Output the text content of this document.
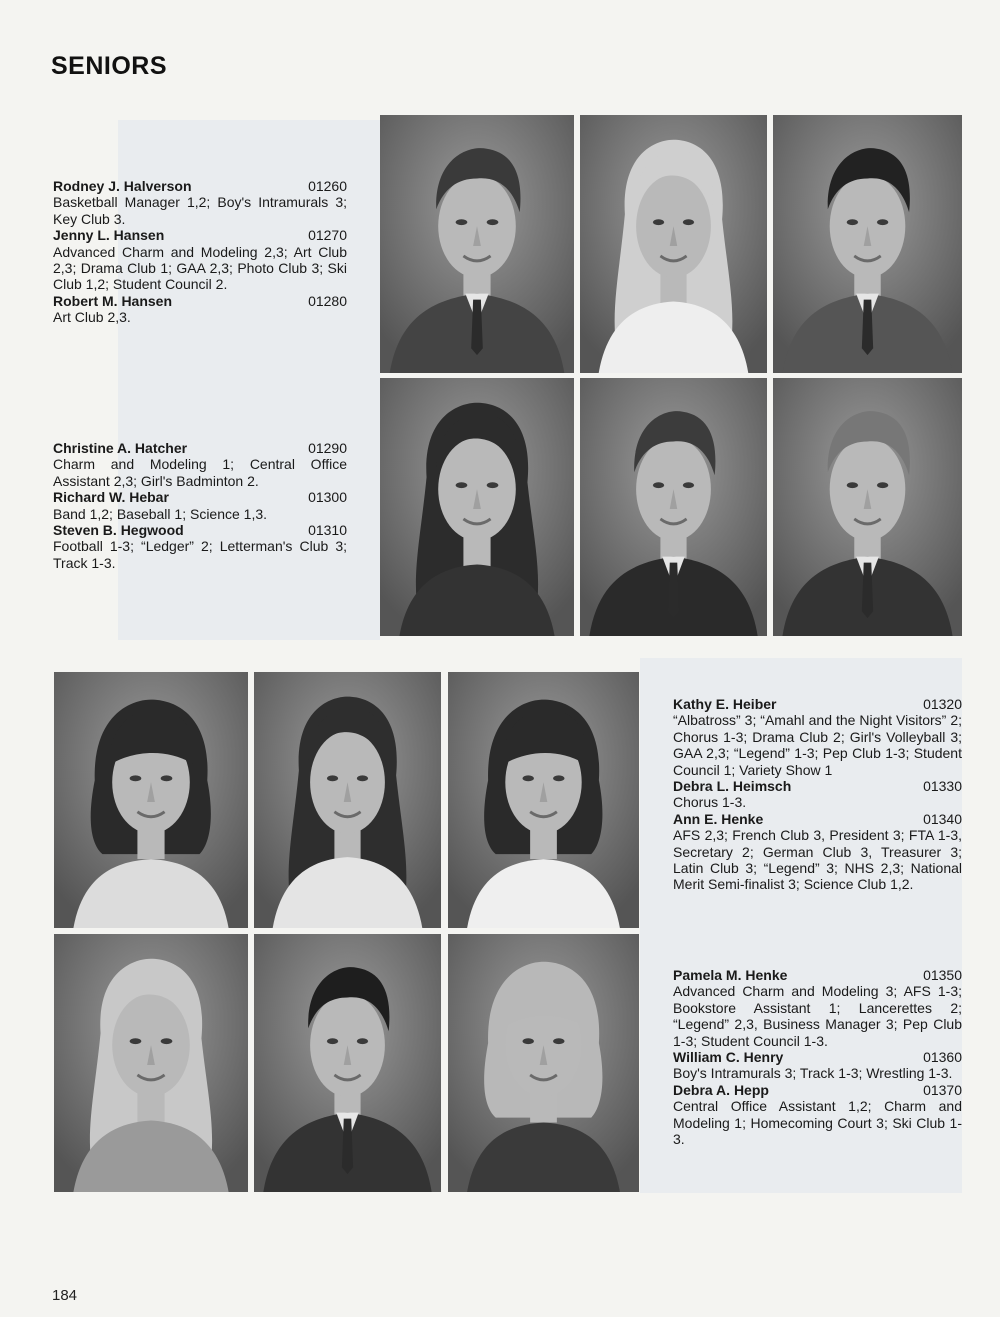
SENIORS
Rodney J. Halverson	01260
Basketball Manager 1,2; Boy's Intramurals 3; Key Club 3.
Jenny L. Hansen	01270
Advanced Charm and Modeling 2,3; Art Club 2,3; Drama Club 1; GAA 2,3; Photo Club 3; Ski Club 1,2; Student Council 2.
Robert M. Hansen	01280
Art Club 2,3.
Christine A. Hatcher	01290
Charm and Modeling 1; Central Office Assistant 2,3; Girl's Badminton 2.
Richard W. Hebar	01300
Band 1,2; Baseball 1; Science 1,3.
Steven B. Hegwood	01310
Football 1-3; “Ledger” 2; Letterman's Club 3; Track 1-3.
Kathy E. Heiber	01320
“Albatross” 3; “Amahl and the Night Visitors” 2; Chorus 1-3; Drama Club 2; Girl's Volleyball 3; GAA 2,3; “Legend” 1-3; Pep Club 1-3; Student Council 1; Variety Show 1
Debra L. Heimsch	01330
Chorus 1-3.
Ann E. Henke	01340
AFS 2,3; French Club 3, President 3; FTA 1-3, Secretary 2; German Club 3, Treasurer 3; Latin Club 3; “Legend” 3; NHS 2,3; National Merit Semi-finalist 3; Science Club 1,2.
Pamela M. Henke	01350
Advanced Charm and Modeling 3; AFS 1-3; Bookstore Assistant 1; Lancerettes 2; “Legend” 2,3, Business Manager 3; Pep Club 1-3; Student Council 1-3.
William C. Henry	01360
Boy's Intramurals 3; Track 1-3; Wrestling 1-3.
Debra A. Hepp	01370
Central Office Assistant 1,2; Charm and Modeling 1; Homecoming Court 3; Ski Club 1-3.
184
